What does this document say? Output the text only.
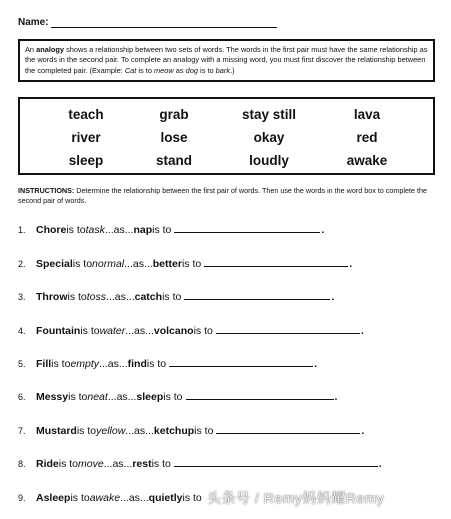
Name:
An analogy shows a relationship between two sets of words. The words in the first pair must have the same relationship as the words in the second pair. To complete an analogy with a missing word, you must first discover the relationship between the completed pair. (Example: Cat is to meow as dog is to bark.)
teach	grab	stay still	lava
river	lose	okay	red
sleep	stand	loudly	awake
INSTRUCTIONS: Determine the relationship between the first pair of words. Then use the words in the word box to complete the second pair of words.
1. Chore is to task ...as... nap is to	.
2. Special is to normal ...as... better is to	.
3. Throw is to toss ...as... catch is to	.
4. Fountain is to water ...as... volcano is to	.
5. Fill is to empty ...as... find is to	.
6. Messy is to neat ...as... sleep is to	.
7. Mustard is to yellow ...as... ketchup is to	.
8. Ride is to move ...as... rest is to	.
9. Asleep is to awake ...as... quietly is to 头条号 / Remy妈妈耀Remy
